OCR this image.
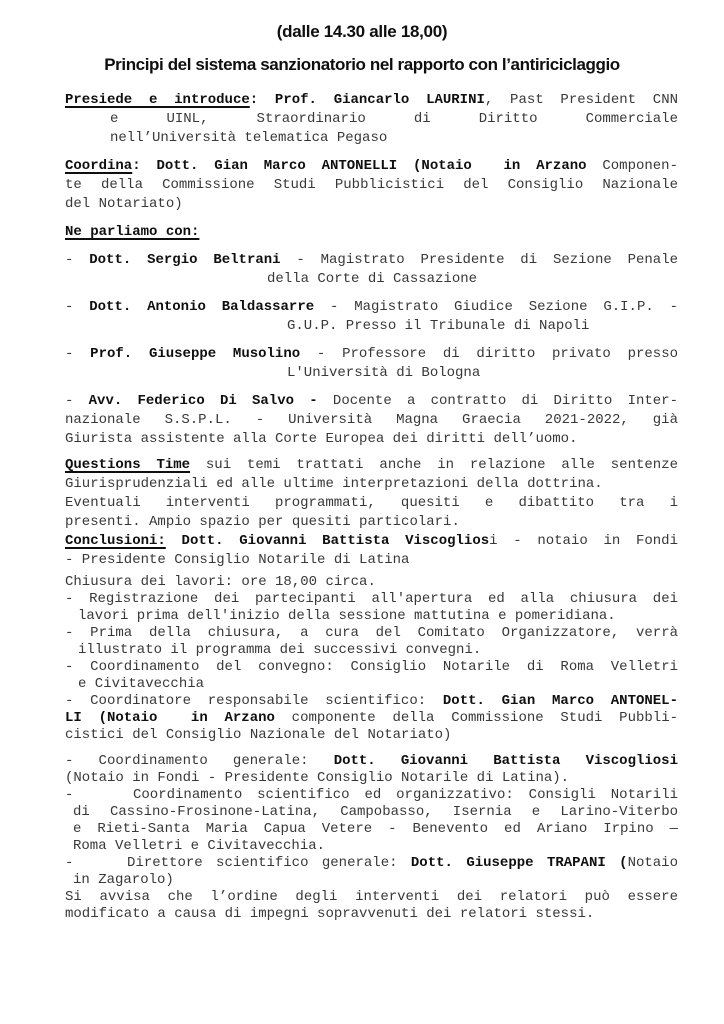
(dalle 14.30 alle 18,00)
Principi del sistema sanzionatorio nel rapporto con l’antiriciclaggio
Presiede e introduce: Prof. Giancarlo LAURINI, Past President CNN
e UINL, Straordinario di Diritto Commerciale
nell’Università telematica Pegaso
Coordina: Dott. Gian Marco ANTONELLI (Notaio  in Arzano Componen-
te della Commissione Studi Pubblicistici del Consiglio Nazionale
del Notariato)
Ne parliamo con:
- Dott. Sergio Beltrani - Magistrato Presidente di Sezione Penale
della Corte di Cassazione
- Dott. Antonio Baldassarre - Magistrato Giudice Sezione G.I.P. -
G.U.P. Presso il Tribunale di Napoli
- Prof. Giuseppe Musolino - Professore di diritto privato presso
L'Università di Bologna
- Avv. Federico Di Salvo - Docente a contratto di Diritto Inter-
nazionale S.S.P.L. - Università Magna Graecia 2021-2022, già
Giurista assistente alla Corte Europea dei diritti dell’uomo.
Questions Time sui temi trattati anche in relazione alle sentenze
Giurisprudenziali ed alle ultime interpretazioni della dottrina.
Eventuali interventi programmati, quesiti e dibattito tra i
presenti. Ampio spazio per quesiti particolari.
Conclusioni: Dott. Giovanni Battista Viscogliosi - notaio in Fondi
- Presidente Consiglio Notarile di Latina
Chiusura dei lavori: ore 18,00 circa.
- Registrazione dei partecipanti all'apertura ed alla chiusura dei
lavori prima dell'inizio della sessione mattutina e pomeridiana.
- Prima della chiusura, a cura del Comitato Organizzatore, verrà
illustrato il programma dei successivi convegni.
- Coordinamento del convegno: Consiglio Notarile di Roma Velletri
e Civitavecchia
- Coordinatore responsabile scientifico: Dott. Gian Marco ANTONEL-
LI (Notaio  in Arzano componente della Commissione Studi Pubbli-
cistici del Consiglio Nazionale del Notariato)
- Coordinamento generale: Dott. Giovanni Battista Viscogliosi
(Notaio in Fondi - Presidente Consiglio Notarile di Latina).
-    Coordinamento scientifico ed organizzativo: Consigli Notarili
di Cassino-Frosinone-Latina, Campobasso, Isernia e Larino-Viterbo
e Rieti-Santa Maria Capua Vetere - Benevento ed Ariano Irpino —
Roma Velletri e Civitavecchia.
-    Direttore scientifico generale: Dott. Giuseppe TRAPANI (Notaio
in Zagarolo)
Si avvisa che l’ordine degli interventi dei relatori può essere
modificato a causa di impegni sopravvenuti dei relatori stessi.
